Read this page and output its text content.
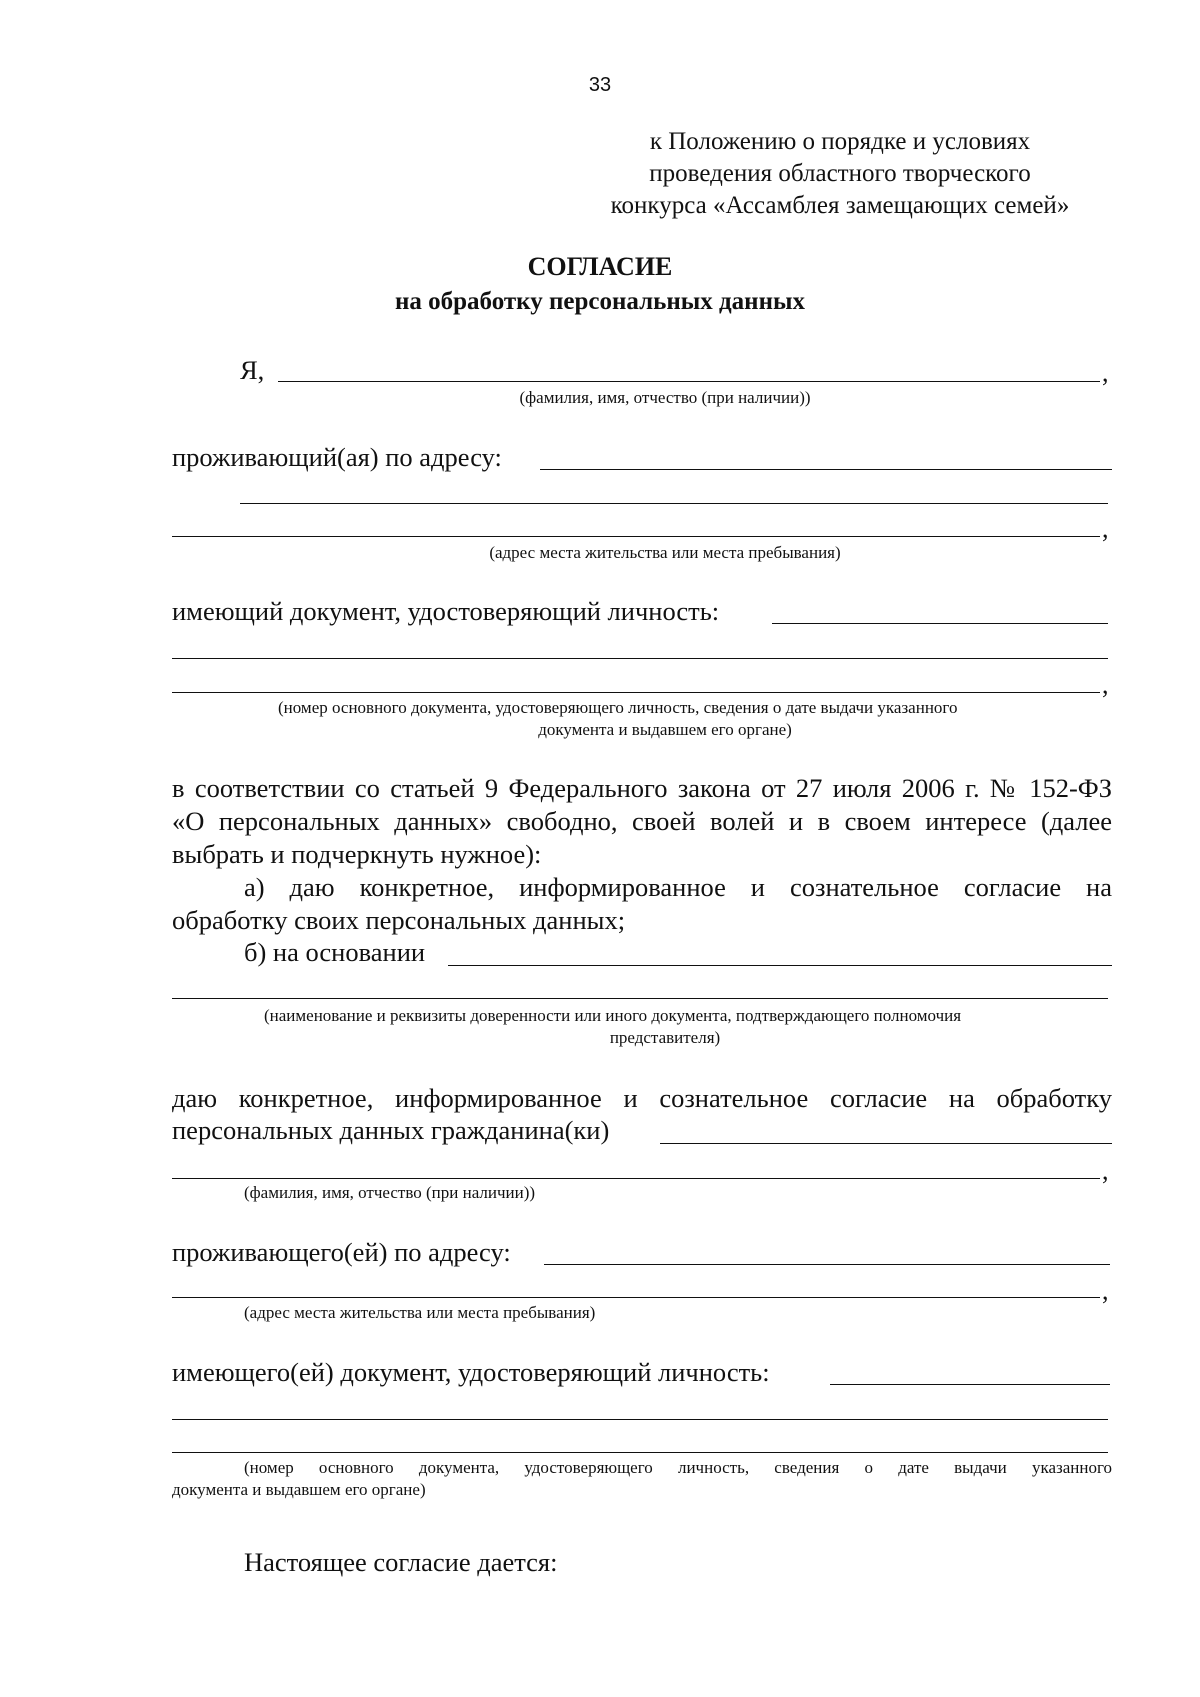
33
к Положению о порядке и условиях
проведения областного творческого
конкурса «Ассамблея замещающих семей»
СОГЛАСИЕ
на обработку персональных данных
Я,	,
(фамилия, имя, отчество (при наличии))
проживающий(ая) по адресу:
,
(адрес места жительства или места пребывания)
имеющий документ, удостоверяющий личность:
,
(номер основного документа, удостоверяющего личность, сведения о дате выдачи указанного
документа и выдавшем его органе)
в соответствии со статьей 9 Федерального закона от 27 июля 2006 г. № 152-ФЗ
«О персональных данных» свободно, своей волей и в своем интересе (далее
выбрать и подчеркнуть нужное):
а) даю конкретное, информированное и сознательное согласие на
обработку своих персональных данных;
б) на основании
(наименование и реквизиты доверенности или иного документа, подтверждающего полномочия
представителя)
даю конкретное, информированное и сознательное согласие на обработку
персональных данных гражданина(ки)
,
(фамилия, имя, отчество (при наличии))
проживающего(ей) по адресу:
,
(адрес места жительства или места пребывания)
имеющего(ей) документ, удостоверяющий личность:
(номер основного документа, удостоверяющего личность, сведения о дате выдачи указанного
документа и выдавшем его органе)
Настоящее согласие дается:
